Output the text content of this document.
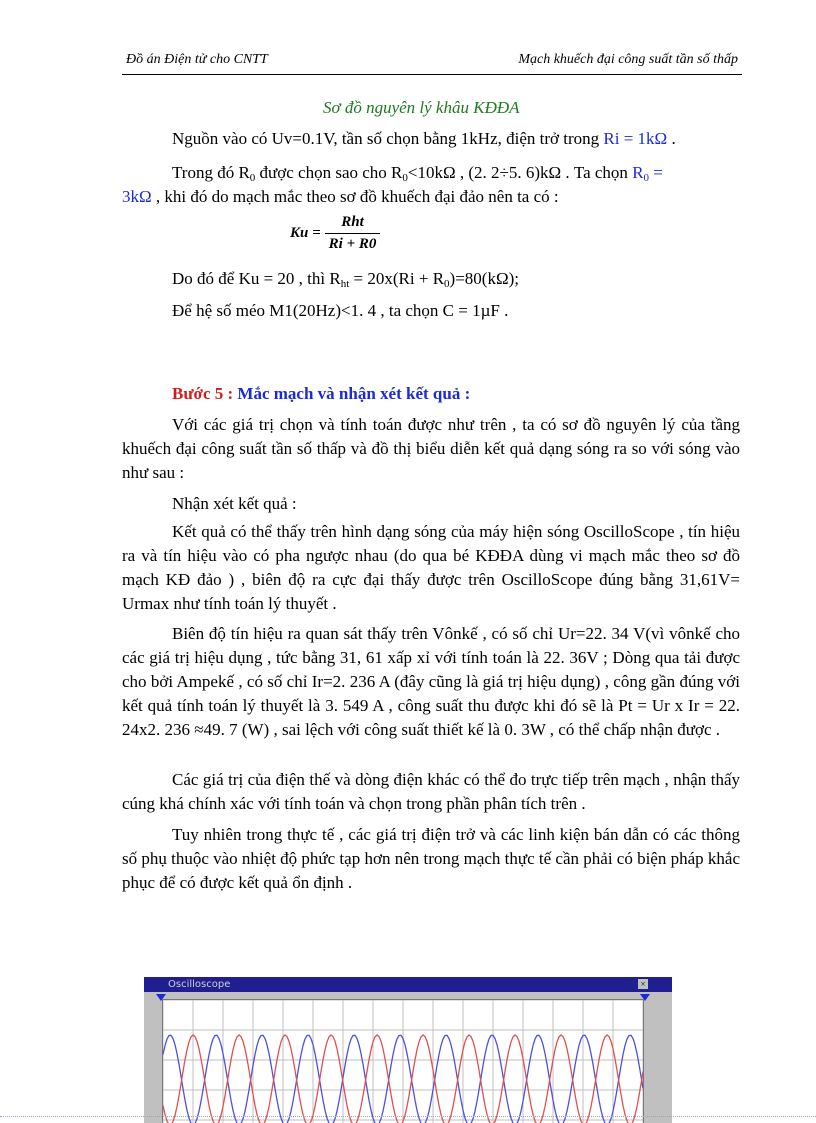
Đồ án Điện tử cho CNTT	Mạch khuếch đại công suất tần số thấp
Sơ đồ nguyên lý khâu KĐĐA
Nguồn vào có Uv=0.1V, tần số chọn bằng 1kHz, điện trở trong Ri = 1kΩ .
Trong đó $R_0$ được chọn sao cho $R_0<10k\Omega$ , (2. 2÷5. 6)kΩ . Ta chọn $R_0$ =
3kΩ , khi đó do mạch mắc theo sơ đồ khuếch đại đảo nên ta có :
$Ku = \frac{\text{Rht}}{Ri + R0}$
Do đó để Ku = 20 , thì $R_{ht} = 20x(Ri + R_0)=80(k\Omega)$;
Để hệ số méo M1(20Hz)<1. 4 , ta chọn C = 1µF .
Bước 5 : Mắc mạch và nhận xét kết quả :
Với các giá trị chọn và tính toán được như trên , ta có sơ đồ nguyên lý của tầng khuếch đại công suất tần số thấp và đồ thị biểu diễn kết quả dạng sóng ra so với sóng vào như sau :
Nhận xét kết quả :
Kết quả có thể thấy trên hình dạng sóng của máy hiện sóng OscilloScope , tín hiệu ra và tín hiệu vào có pha ngược nhau (do qua bé KĐĐA dùng vi mạch mắc theo sơ đồ mạch KĐ đảo ) , biên độ ra cực đại thấy được trên OscilloScope đúng bằng 31,61V= Urmax như tính toán lý thuyết .
Biên độ tín hiệu ra quan sát thấy trên Vônkế , có số chỉ Ur=22. 34 V(vì vônkế cho các giá trị hiệu dụng , tức bằng 31, 61 xấp xỉ với tính toán là 22. 36V ; Dòng qua tải được cho bởi Ampekế , có số chỉ Ir=2. 236 A (đây cũng là giá trị hiệu dụng) , công gần đúng với kết quả tính toán lý thuyết là 3. 549 A , công suất thu được khi đó sẽ là Pt = Ur x Ir = 22. 24x2. 236 ≈49. 7 (W) , sai lệch với công suất thiết kế là 0. 3W , có thể chấp nhận được .
Các giá trị của điện thế và dòng điện khác có thể đo trực tiếp trên mạch , nhận thấy cúng khá chính xác với tính toán và chọn trong phần phân tích trên .
Tuy nhiên trong thực tế , các giá trị điện trở và các linh kiện bán dẫn có các thông số phụ thuộc vào nhiệt độ phức tạp hơn nên trong mạch thực tế cần phải có biện pháp khắc phục để có được kết quả ổn định .
Oscilloscope	×
